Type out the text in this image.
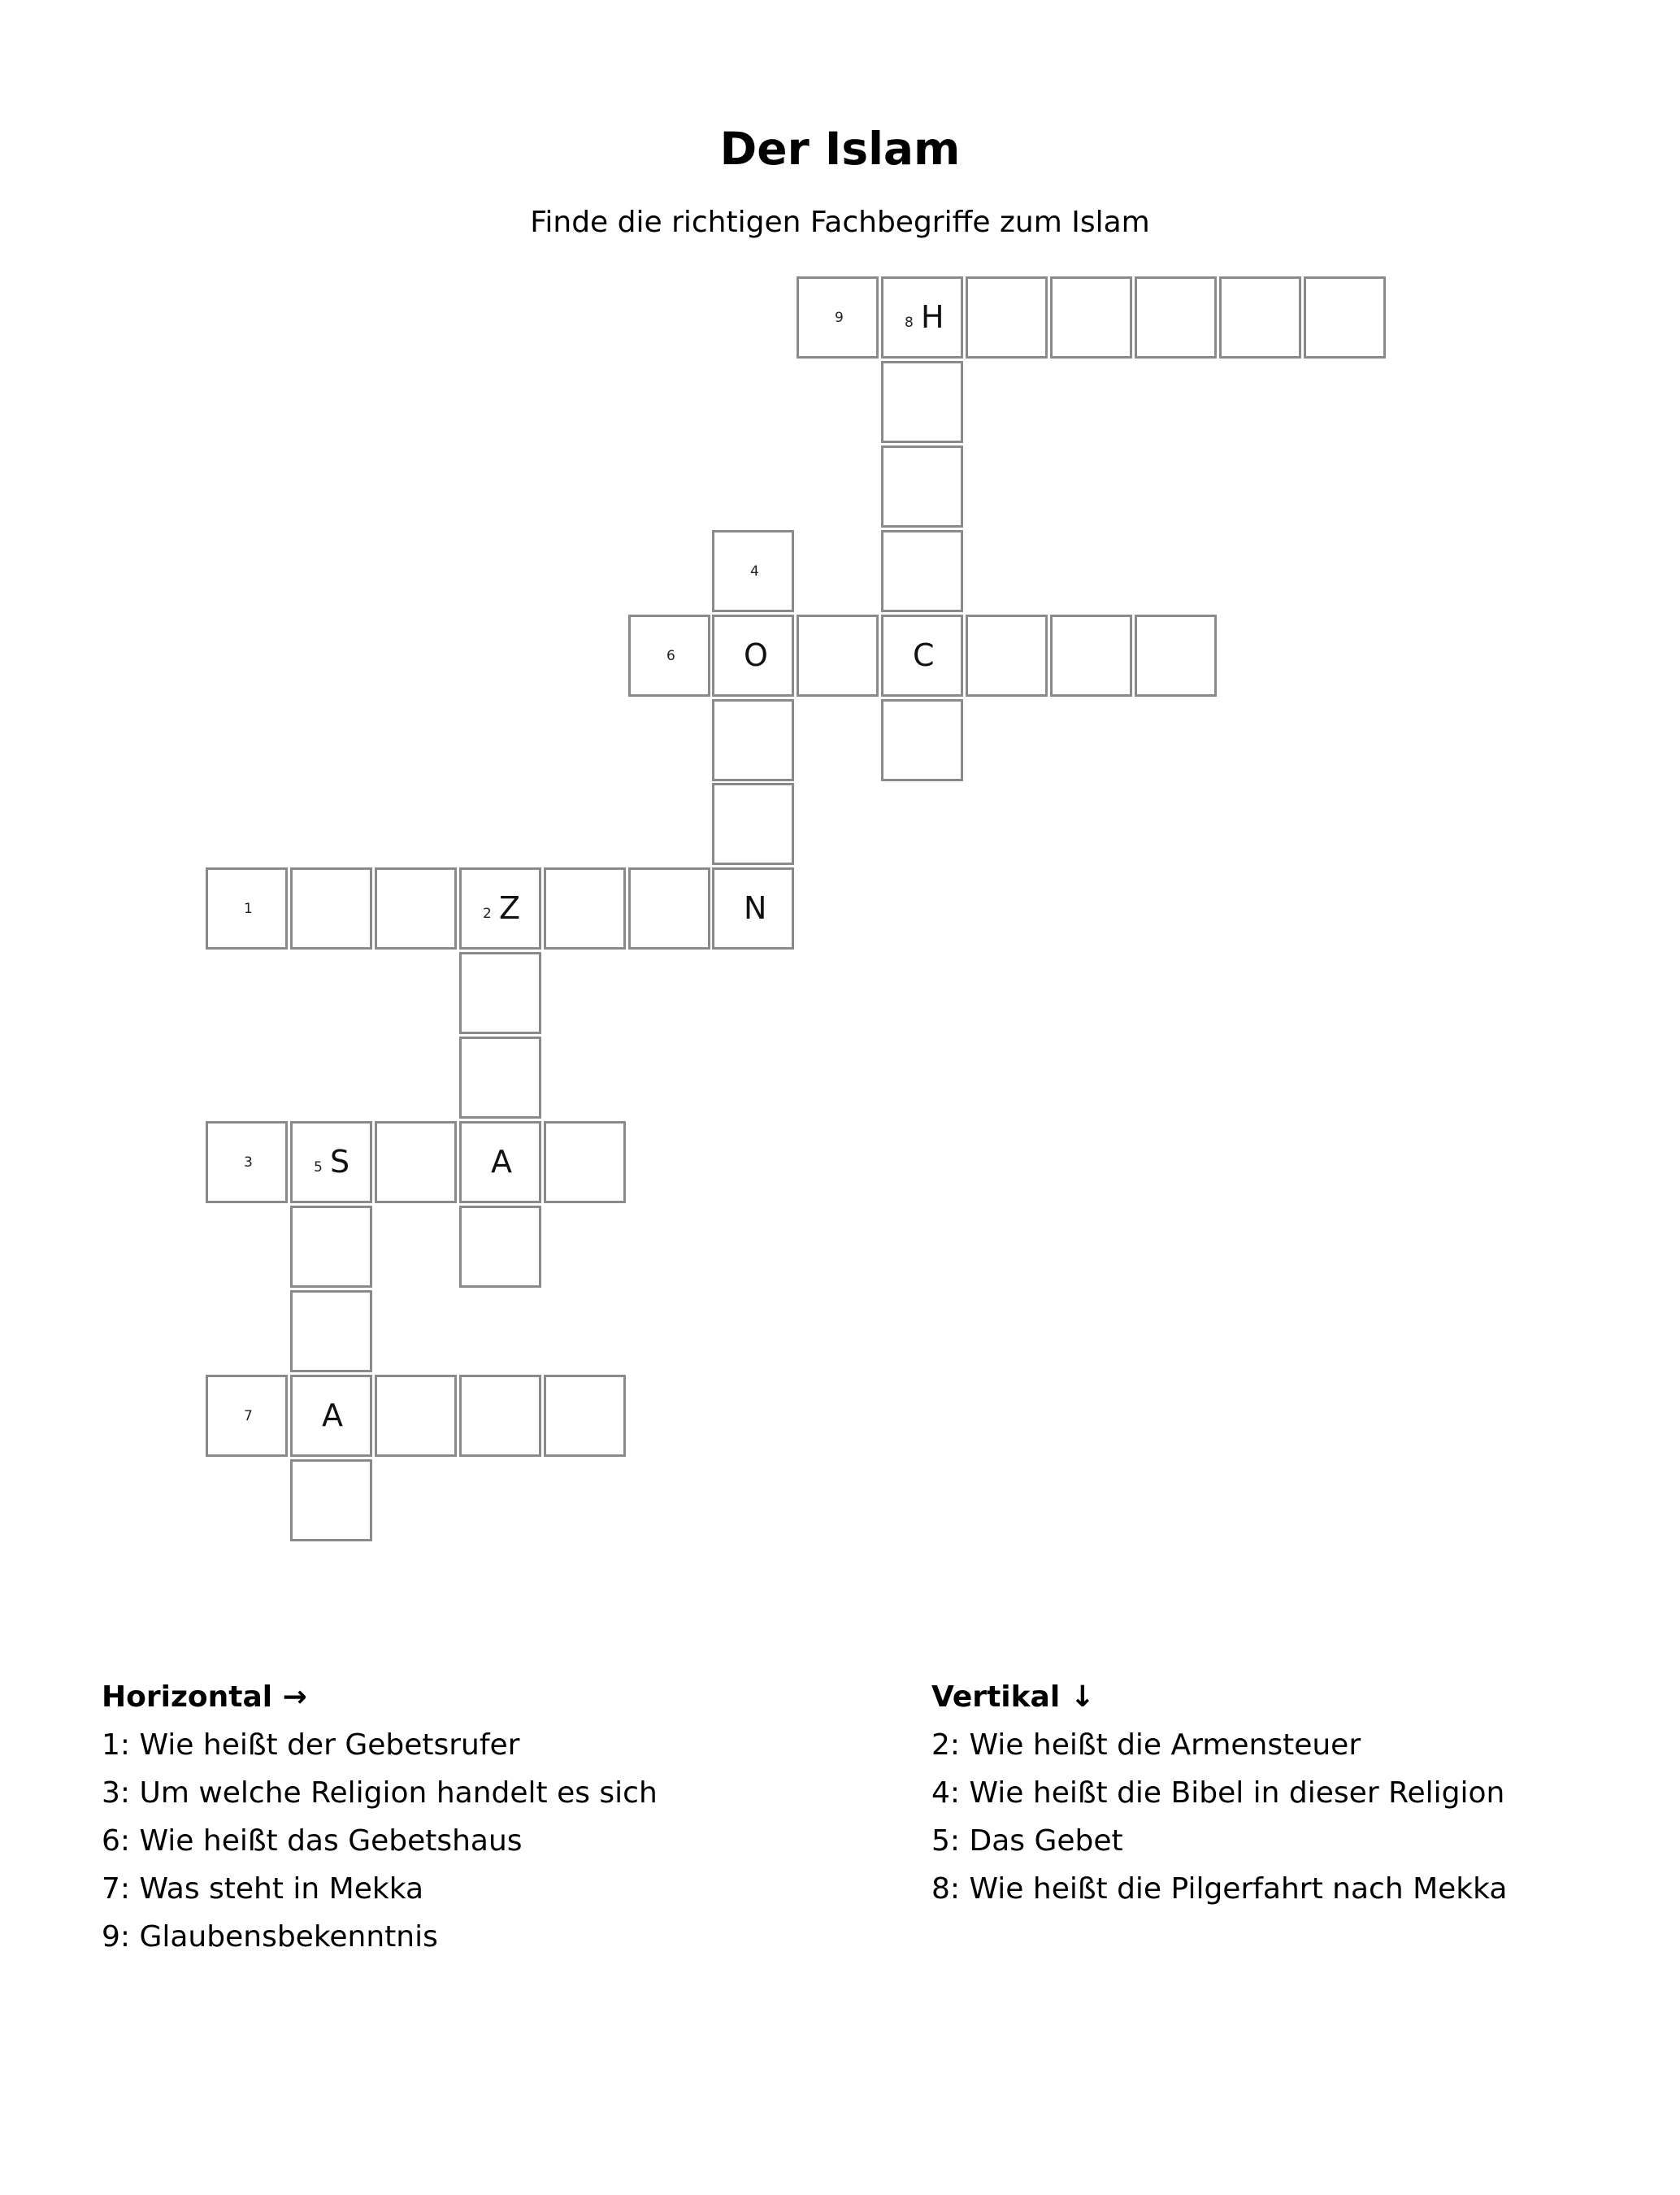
Der Islam

Finde die richtigen Fachbegriffe zum Islam

9	8 H
4
6 O	C
1	2 Z	N
3	5 S	A
7 A
Horizontal →
1: Wie heißt der Gebetsrufer
3: Um welche Religion handelt es sich
6: Wie heißt das Gebetshaus
7: Was steht in Mekka
9: Glaubensbekenntnis
Vertikal ↓
2: Wie heißt die Armensteuer
4: Wie heißt die Bibel in dieser Religion
5: Das Gebet
8: Wie heißt die Pilgerfahrt nach Mekka
